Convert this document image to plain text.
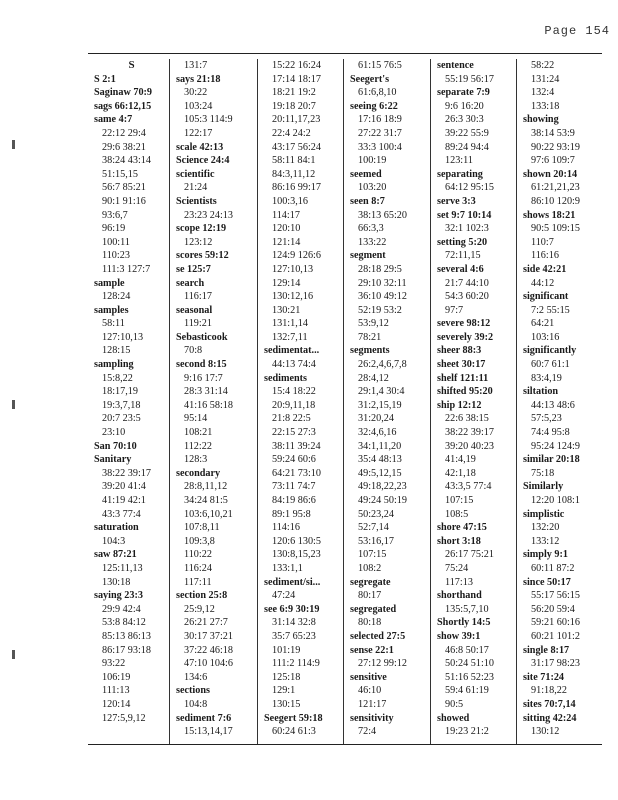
Page 154
S
S 2:1
Saginaw 70:9
sags 66:12,15
same 4:7
22:12 29:4
29:6 38:21
38:24 43:14
51:15,15
56:7 85:21
90:1 91:16
93:6,7
96:19
100:11
110:23
111:3 127:7
sample
128:24
samples
58:11
127:10,13
128:15
sampling
15:8,22
18:17,19
19:3,7,18
20:7 23:5
23:10
San 70:10
Sanitary
38:22 39:17
39:20 41:4
41:19 42:1
43:3 77:4
saturation
104:3
saw 87:21
125:11,13
130:18
saying 23:3
29:9 42:4
53:8 84:12
85:13 86:13
86:17 93:18
93:22
106:19
111:13
120:14
127:5,9,12
131:7
says 21:18
30:22
103:24
105:3 114:9
122:17
scale 42:13
Science 24:4
scientific
21:24
Scientists
23:23 24:13
scope 12:19
123:12
scores 59:12
se 125:7
search
116:17
seasonal
119:21
Sebasticook
70:8
second 8:15
9:16 17:7
28:3 31:14
41:16 58:18
95:14
108:21
112:22
128:3
secondary
28:8,11,12
34:24 81:5
103:6,10,21
107:8,11
109:3,8
110:22
116:24
117:11
section 25:8
25:9,12
26:21 27:7
30:17 37:21
37:22 46:18
47:10 104:6
134:6
sections
104:8
sediment 7:6
15:13,14,17
15:22 16:24
17:14 18:17
18:21 19:2
19:18 20:7
20:11,17,23
22:4 24:2
43:17 56:24
58:11 84:1
84:3,11,12
86:16 99:17
100:3,16
114:17
120:10
121:14
124:9 126:6
127:10,13
129:14
130:12,16
130:21
131:1,14
132:7,11
sedimentat...
44:13 74:4
sediments
15:4 18:22
20:9,11,18
21:8 22:5
22:15 27:3
38:11 39:24
59:24 60:6
64:21 73:10
73:11 74:7
84:19 86:6
89:1 95:8
114:16
120:6 130:5
130:8,15,23
133:1,1
sediment/si...
47:24
see 6:9 30:19
31:14 32:8
35:7 65:23
101:19
111:2 114:9
125:18
129:1
130:15
Seegert 59:18
60:24 61:3
61:15 76:5
Seegert's
61:6,8,10
seeing 6:22
17:16 18:9
27:22 31:7
33:3 100:4
100:19
seemed
103:20
seen 8:7
38:13 65:20
66:3,3
133:22
segment
28:18 29:5
29:10 32:11
36:10 49:12
52:19 53:2
53:9,12
78:21
segments
26:2,4,6,7,8
28:4,12
29:1,4 30:4
31:2,15,19
31:20,24
32:4,6,16
34:1,11,20
35:4 48:13
49:5,12,15
49:18,22,23
49:24 50:19
50:23,24
52:7,14
53:16,17
107:15
108:2
segregate
80:17
segregated
80:18
selected 27:5
sense 22:1
27:12 99:12
sensitive
46:10
121:17
sensitivity
72:4
sentence
55:19 56:17
separate 7:9
9:6 16:20
26:3 30:3
39:22 55:9
89:24 94:4
123:11
separating
64:12 95:15
serve 3:3
set 9:7 10:14
32:1 102:3
setting 5:20
72:11,15
several 4:6
21:7 44:10
54:3 60:20
97:7
severe 98:12
severely 39:2
sheer 88:3
sheet 30:17
shelf 121:11
shifted 95:20
ship 12:12
22:6 38:15
38:22 39:17
39:20 40:23
41:4,19
42:1,18
43:3,5 77:4
107:15
108:5
shore 47:15
short 3:18
26:17 75:21
75:24
117:13
shorthand
135:5,7,10
Shortly 14:5
show 39:1
46:8 50:17
50:24 51:10
51:16 52:23
59:4 61:19
90:5
showed
19:23 21:2
58:22
131:24
132:4
133:18
showing
38:14 53:9
90:22 93:19
97:6 109:7
shown 20:14
61:21,21,23
86:10 120:9
shows 18:21
90:5 109:15
110:7
116:16
side 42:21
44:12
significant
7:2 55:15
64:21
103:16
significantly
60:7 61:1
83:4,19
siltation
44:13 48:6
57:5,23
74:4 95:8
95:24 124:9
similar 20:18
75:18
Similarly
12:20 108:1
simplistic
132:20
133:12
simply 9:1
60:11 87:2
since 50:17
55:17 56:15
56:20 59:4
59:21 60:16
60:21 101:2
single 8:17
31:17 98:23
site 71:24
91:18,22
sites 70:7,14
sitting 42:24
130:12
